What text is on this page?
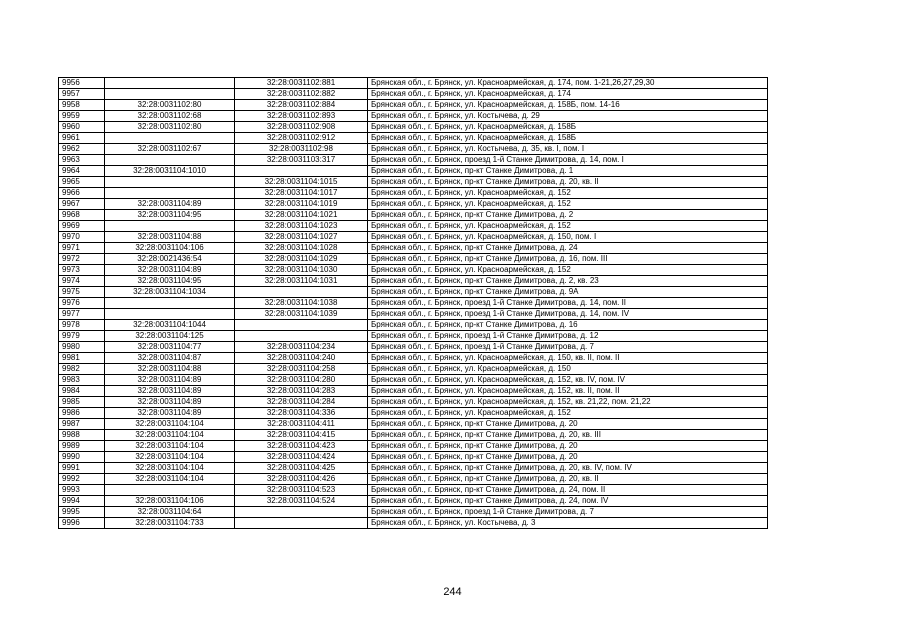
9956		32:28:0031102:881	Брянская обл., г. Брянск, ул. Красноармейская, д. 174, пом. 1-21,26,27,29,30
9957		32:28:0031102:882	Брянская обл., г. Брянск, ул. Красноармейская, д. 174
9958	32:28:0031102:80	32:28:0031102:884	Брянская обл., г. Брянск, ул. Красноармейская, д. 158Б, пом. 14-16
9959	32:28:0031102:68	32:28:0031102:893	Брянская обл., г. Брянск, ул. Костычева, д. 29
9960	32:28:0031102:80	32:28:0031102:908	Брянская обл., г. Брянск, ул. Красноармейская, д. 158Б
9961		32:28:0031102:912	Брянская обл., г. Брянск, ул. Красноармейская, д. 158Б
9962	32:28:0031102:67	32:28:0031102:98	Брянская обл., г. Брянск, ул. Костычева, д. 35, кв. I, пом. I
9963		32:28:0031103:317	Брянская обл., г. Брянск, проезд 1-й Станке Димитрова, д. 14, пом. I
9964	32:28:0031104:1010		Брянская обл., г. Брянск, пр-кт Станке Димитрова, д. 1
9965		32:28:0031104:1015	Брянская обл., г. Брянск, пр-кт Станке Димитрова, д. 20, кв. II
9966		32:28:0031104:1017	Брянская обл., г. Брянск, ул. Красноармейская, д. 152
9967	32:28:0031104:89	32:28:0031104:1019	Брянская обл., г. Брянск, ул. Красноармейская, д. 152
9968	32:28:0031104:95	32:28:0031104:1021	Брянская обл., г. Брянск, пр-кт Станке Димитрова, д. 2
9969		32:28:0031104:1023	Брянская обл., г. Брянск, ул. Красноармейская, д. 152
9970	32:28:0031104:88	32:28:0031104:1027	Брянская обл., г. Брянск, ул. Красноармейская, д. 150, пом. I
9971	32:28:0031104:106	32:28:0031104:1028	Брянская обл., г. Брянск, пр-кт Станке Димитрова, д. 24
9972	32:28:0021436:54	32:28:0031104:1029	Брянская обл., г. Брянск, пр-кт Станке Димитрова, д. 16, пом. III
9973	32:28:0031104:89	32:28:0031104:1030	Брянская обл., г. Брянск, ул. Красноармейская, д. 152
9974	32:28:0031104:95	32:28:0031104:1031	Брянская обл., г. Брянск, пр-кт Станке Димитрова, д. 2, кв. 23
9975	32:28:0031104:1034		Брянская обл., г. Брянск, пр-кт Станке Димитрова, д. 9А
9976		32:28:0031104:1038	Брянская обл., г. Брянск, проезд 1-й Станке Димитрова, д. 14, пом. II
9977		32:28:0031104:1039	Брянская обл., г. Брянск, проезд 1-й Станке Димитрова, д. 14, пом. IV
9978	32:28:0031104:1044		Брянская обл., г. Брянск, пр-кт Станке Димитрова, д. 16
9979	32:28:0031104:125		Брянская обл., г. Брянск, проезд 1-й Станке Димитрова, д. 12
9980	32:28:0031104:77	32:28:0031104:234	Брянская обл., г. Брянск, проезд 1-й Станке Димитрова, д. 7
9981	32:28:0031104:87	32:28:0031104:240	Брянская обл., г. Брянск, ул. Красноармейская, д. 150, кв. II, пом. II
9982	32:28:0031104:88	32:28:0031104:258	Брянская обл., г. Брянск, ул. Красноармейская, д. 150
9983	32:28:0031104:89	32:28:0031104:280	Брянская обл., г. Брянск, ул. Красноармейская, д. 152, кв. IV, пом. IV
9984	32:28:0031104:89	32:28:0031104:283	Брянская обл., г. Брянск, ул. Красноармейская, д. 152, кв. II, пом. II
9985	32:28:0031104:89	32:28:0031104:284	Брянская обл., г. Брянск, ул. Красноармейская, д. 152, кв. 21,22, пом. 21,22
9986	32:28:0031104:89	32:28:0031104:336	Брянская обл., г. Брянск, ул. Красноармейская, д. 152
9987	32:28:0031104:104	32:28:0031104:411	Брянская обл., г. Брянск, пр-кт Станке Димитрова, д. 20
9988	32:28:0031104:104	32:28:0031104:415	Брянская обл., г. Брянск, пр-кт Станке Димитрова, д. 20, кв. III
9989	32:28:0031104:104	32:28:0031104:423	Брянская обл., г. Брянск, пр-кт Станке Димитрова, д. 20
9990	32:28:0031104:104	32:28:0031104:424	Брянская обл., г. Брянск, пр-кт Станке Димитрова, д. 20
9991	32:28:0031104:104	32:28:0031104:425	Брянская обл., г. Брянск, пр-кт Станке Димитрова, д. 20, кв. IV, пом. IV
9992	32:28:0031104:104	32:28:0031104:426	Брянская обл., г. Брянск, пр-кт Станке Димитрова, д. 20, кв. II
9993		32:28:0031104:523	Брянская обл., г. Брянск, пр-кт Станке Димитрова, д. 24, пом. II
9994	32:28:0031104:106	32:28:0031104:524	Брянская обл., г. Брянск, пр-кт Станке Димитрова, д. 24, пом. IV
9995	32:28:0031104:64		Брянская обл., г. Брянск, проезд 1-й Станке Димитрова, д. 7
9996	32:28:0031104:733		Брянская обл., г. Брянск, ул. Костычева, д. 3
244
